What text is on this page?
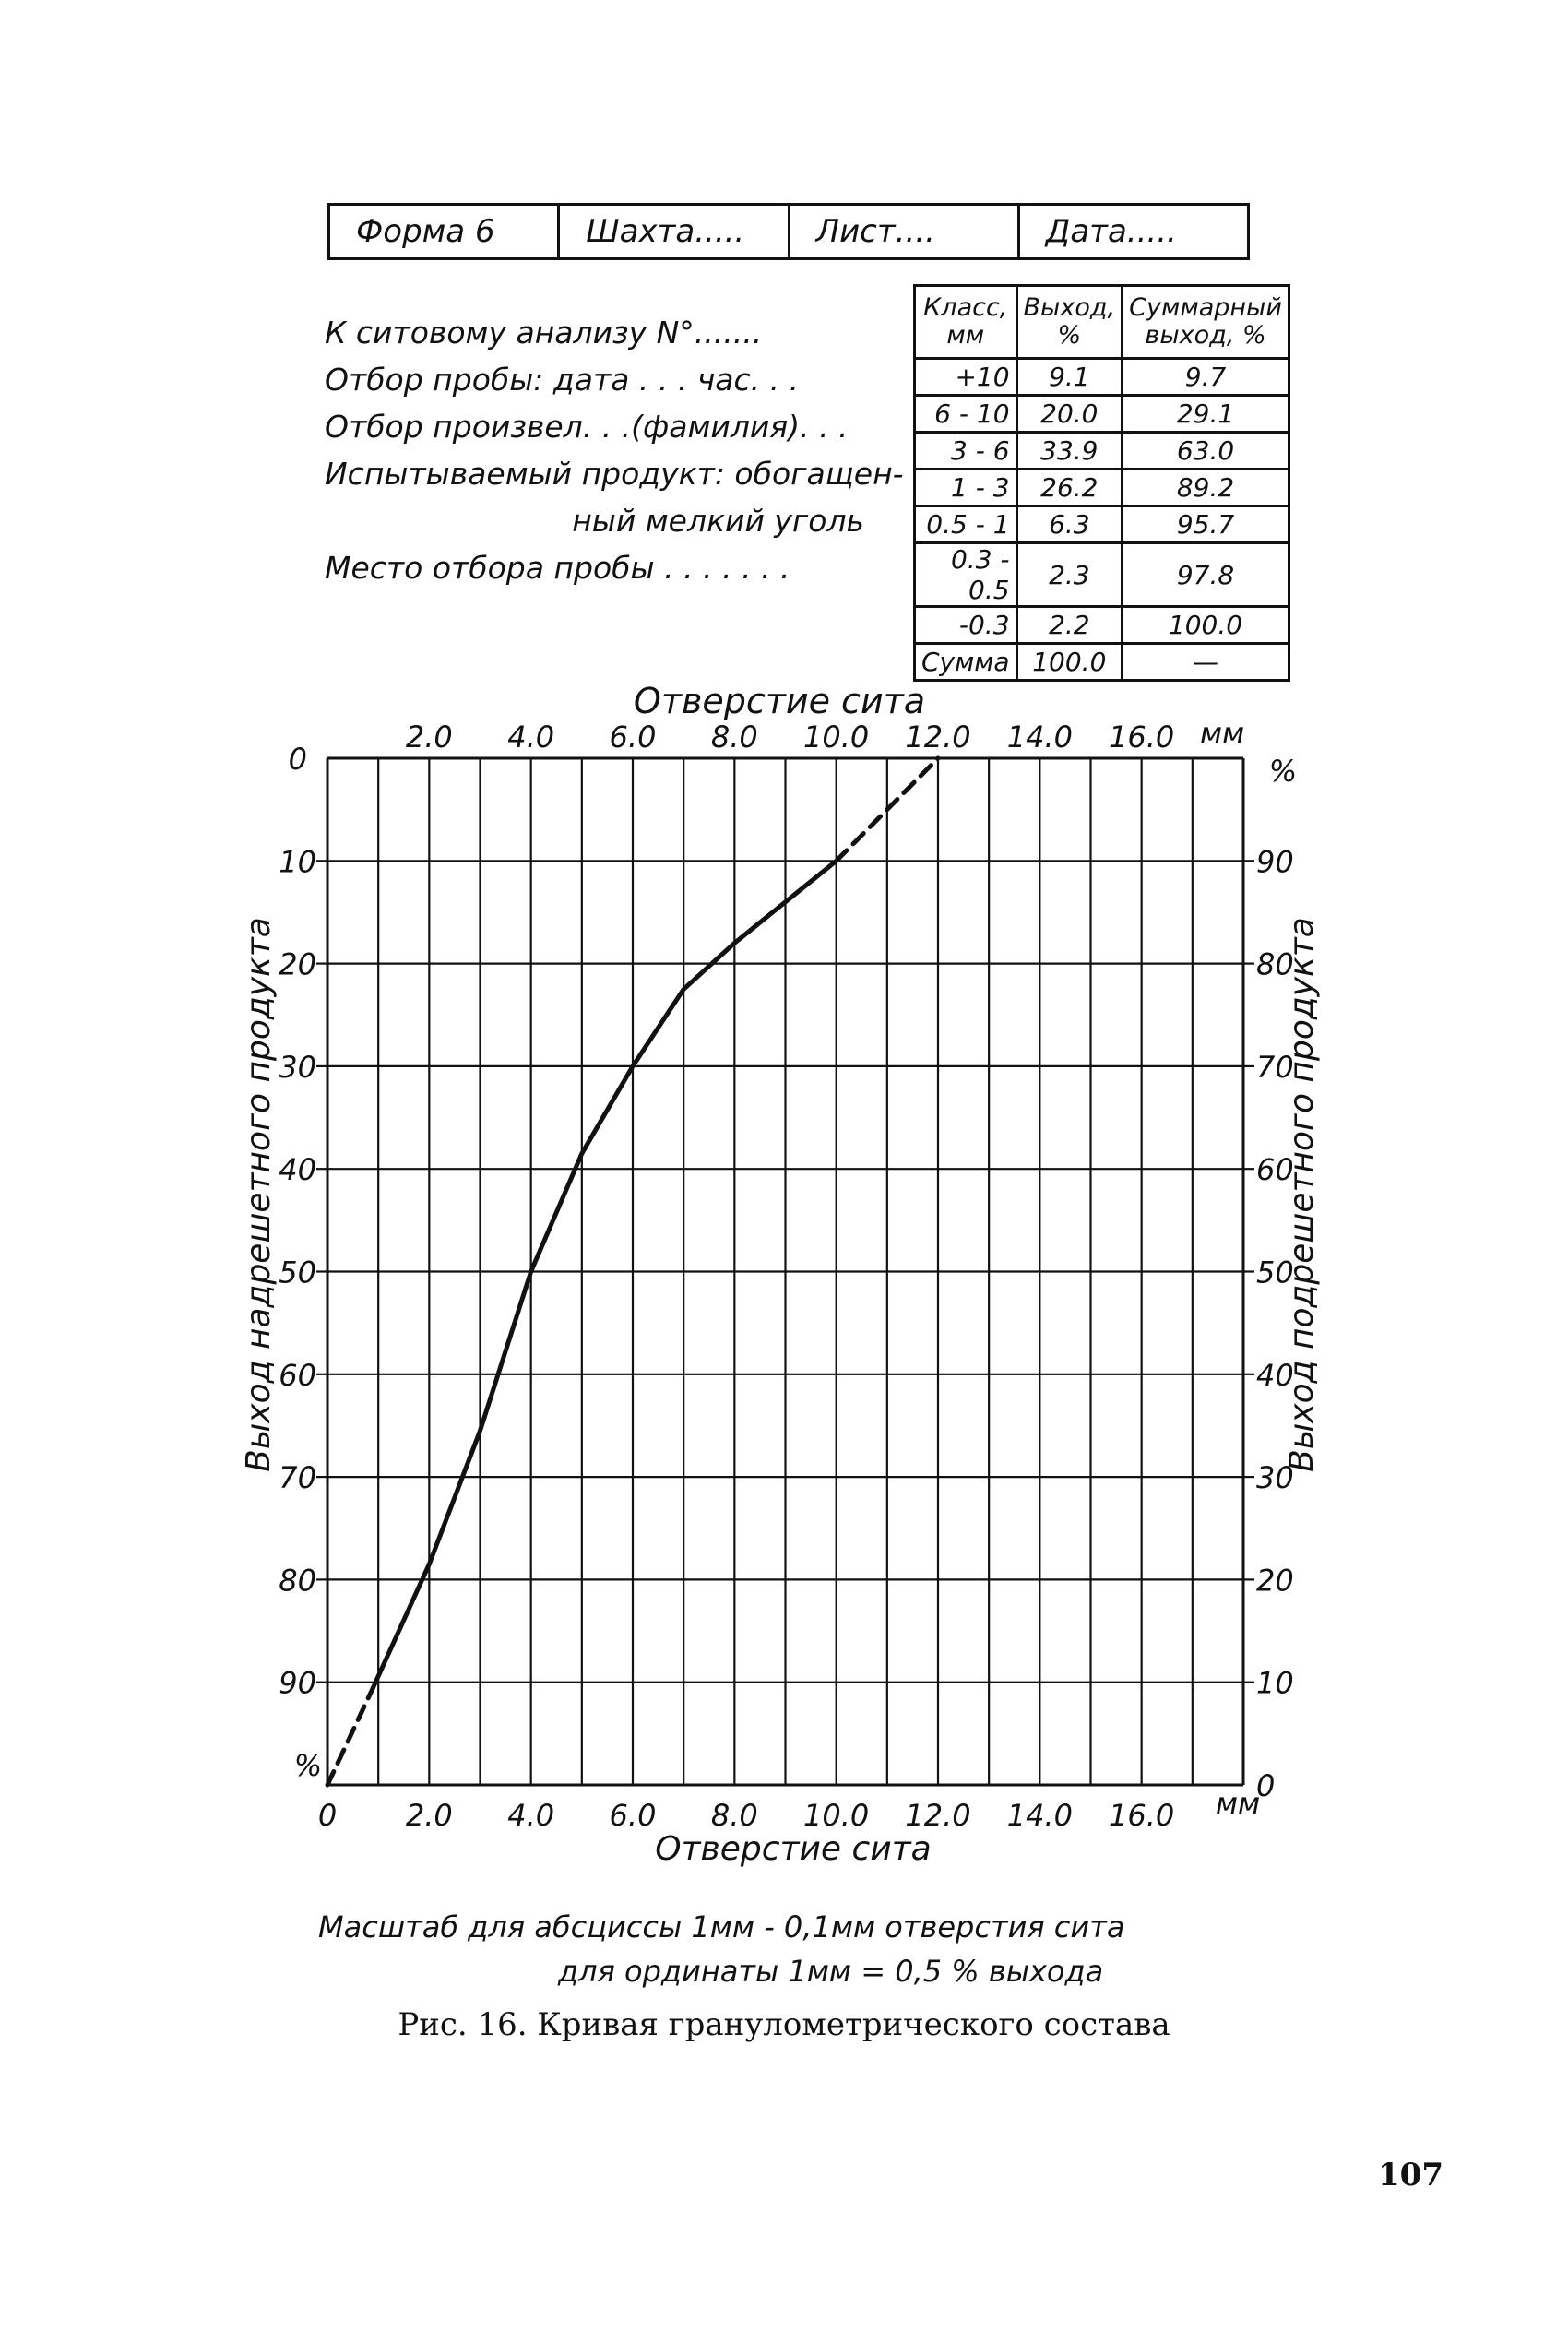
Форма 6	Шахта.....	Лист....	Дата.....
К ситовому анализу N°.......
Отбор пробы: дата . . . час. . .
Отбор произвел. . .(фамилия). . .
Испытываемый продукт: обогащен-
ный мелкий уголь
Место отбора пробы . . . . . . .
Класс, мм	Выход, %	Суммарный выход, %
+10	9.1	9.7
6 - 10	20.0	29.1
3 - 6	33.9	63.0
1 - 3	26.2	89.2
0.5 - 1	6.3	95.7
0.3 - 0.5	2.3	97.8
-0.3	2.2	100.0
Сумма	100.0	—
0
2.0
2.0
4.0
4.0
6.0
6.0
8.0
8.0
10.0
10.0
12.0
12.0
14.0
14.0
16.0
16.0
0
10
20
30
40
50
60
70
80
90
90
80
70
60
50
40
30
20
10
0
Отверстие сита
Отверстие сита
Выход надрешетного продукта	Выход подрешетного продукта
мм
мм
%
%
Масштаб для абсциссы 1мм - 0,1мм отверстия сита
для ординаты 1мм = 0,5 % выхода
Рис. 16. Кривая гранулометрического состава
107
